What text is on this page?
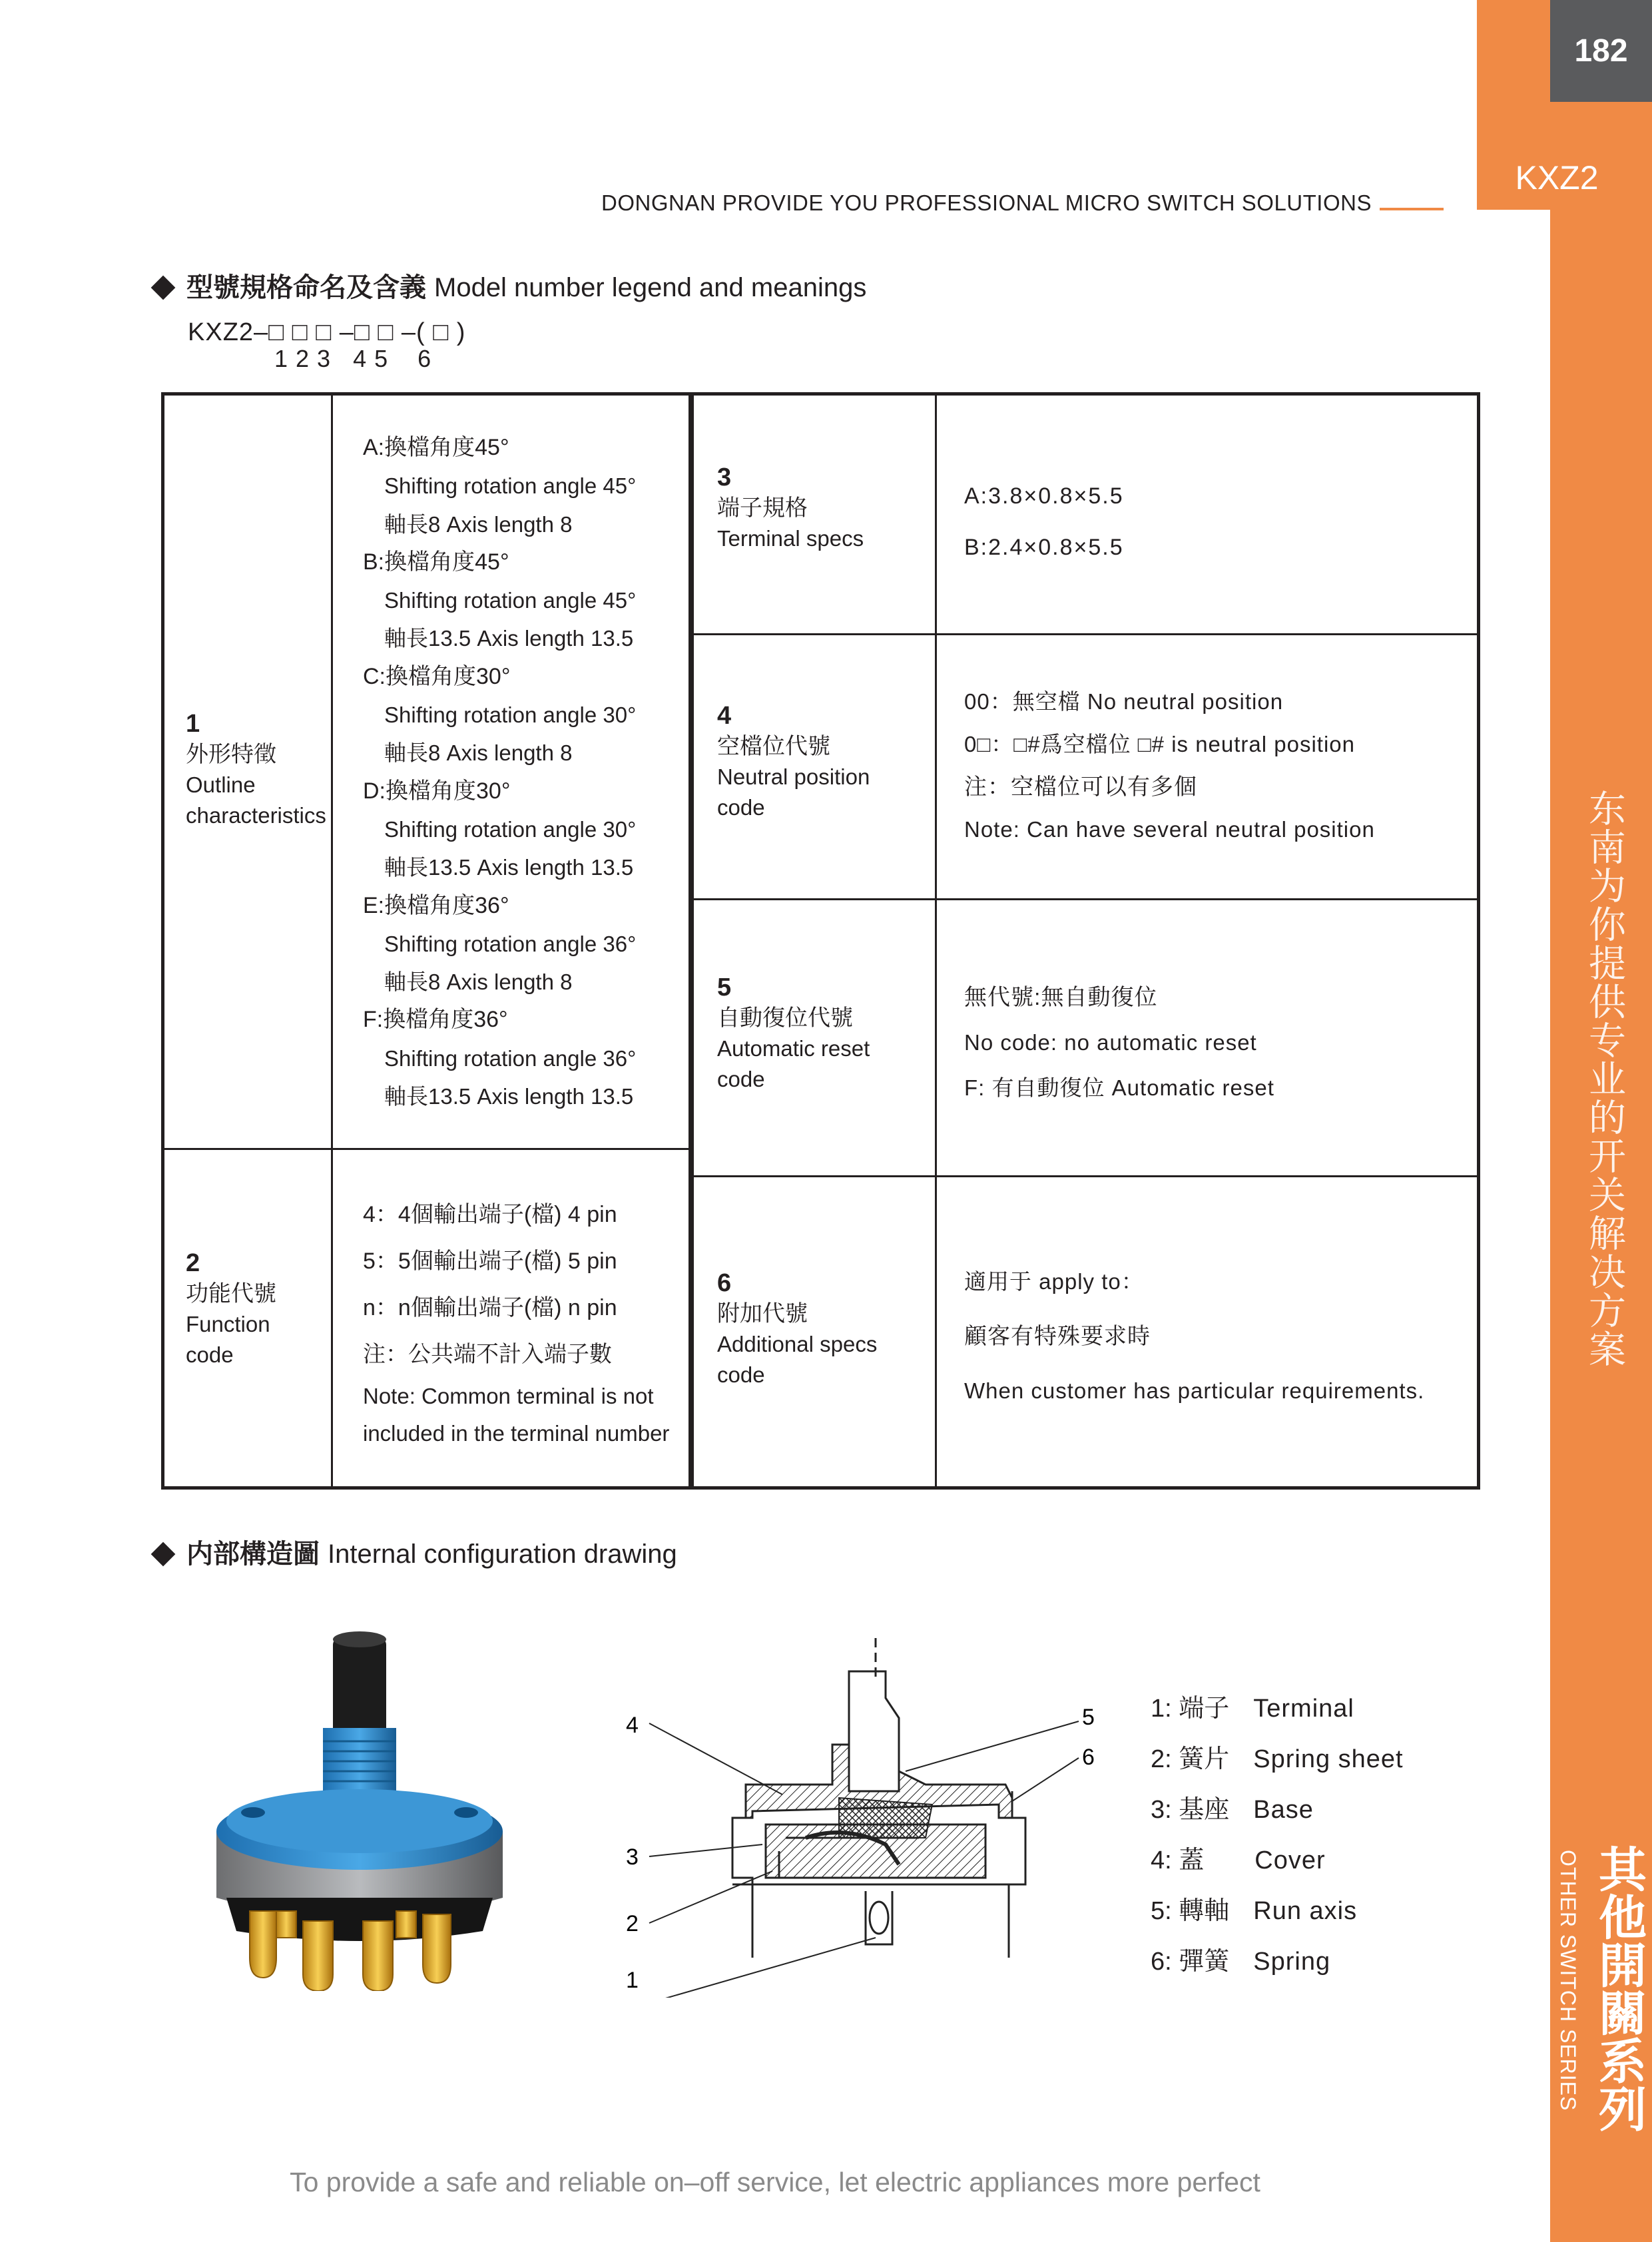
182
KXZ2
东南为你提供专业的开关解决方案
其他開關系列
OTHER SWITCH SERIES
DONGNAN PROVIDE YOU PROFESSIONAL MICRO SWITCH SOLUTIONS
型號規格命名及含義 Model number legend and meanings
KXZ2–□ □ □ –□ □ –( □ )
1 2 3   4 5    6
1
外形特徵
Outline
characteristics
A:換檔角度45°
Shifting rotation angle 45°
軸長8 Axis length 8
B:換檔角度45°
Shifting rotation angle 45°
軸長13.5 Axis length 13.5
C:換檔角度30°
Shifting rotation angle 30°
軸長8 Axis length 8
D:換檔角度30°
Shifting rotation angle 30°
軸長13.5 Axis length 13.5
E:換檔角度36°
Shifting rotation angle 36°
軸長8 Axis length 8
F:換檔角度36°
Shifting rotation angle 36°
軸長13.5 Axis length 13.5
2
功能代號
Function
code
4：4個輸出端子(檔) 4 pin
5：5個輸出端子(檔) 5 pin
n：n個輸出端子(檔) n pin
注：公共端不計入端子數
Note: Common terminal is not
included in the terminal number
3
端子規格
Terminal specs
A:3.8×0.8×5.5
B:2.4×0.8×5.5
4
空檔位代號
Neutral position
code
00：無空檔 No neutral position
0□：□#爲空檔位 □# is neutral position
注：空檔位可以有多個
Note: Can have several neutral position
5
自動復位代號
Automatic reset
code
無代號:無自動復位
No code: no automatic reset
F: 有自動復位 Automatic reset
6
附加代號
Additional specs
code
適用于 apply to：
顧客有特殊要求時
When customer has particular requirements.
内部構造圖 Internal configuration drawing
4
3
2
1
5
6
1: 端子 Terminal
2: 簧片 Spring sheet
3: 基座 Base
4: 蓋 Cover
5: 轉軸 Run axis
6: 彈簧 Spring
To provide a safe and reliable on–off service, let electric appliances more perfect
